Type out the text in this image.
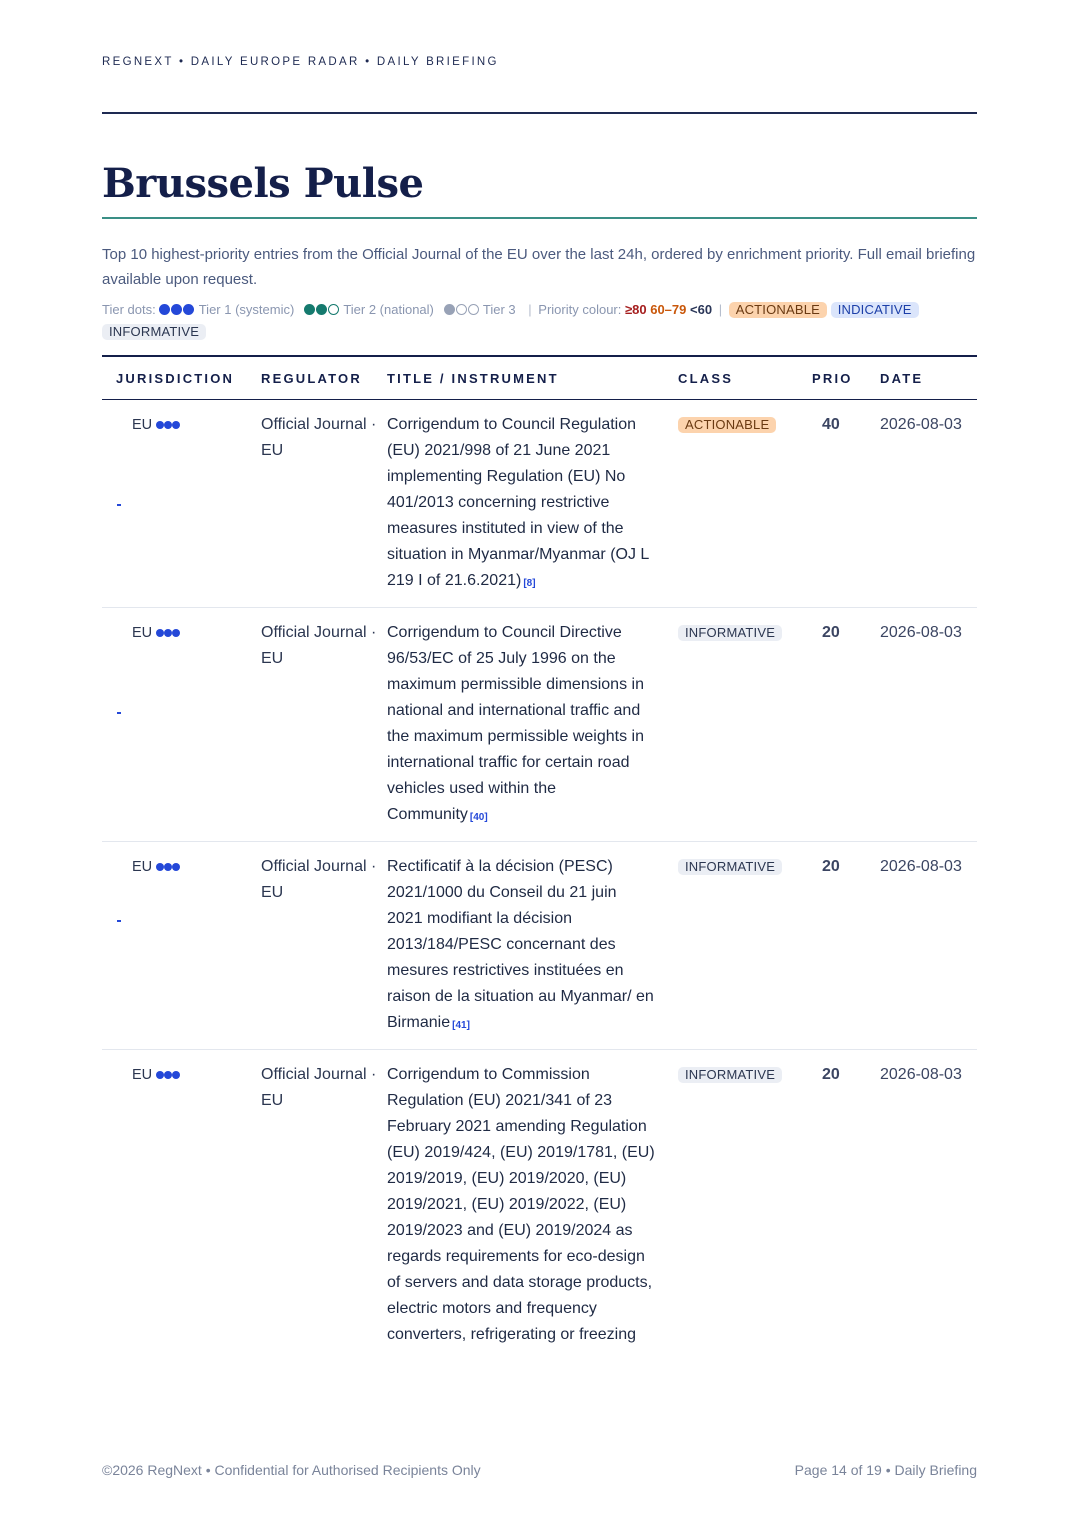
REGNEXT • DAILY EUROPE RADAR • DAILY BRIEFING
Brussels Pulse
Top 10 highest-priority entries from the Official Journal of the EU over the last 24h, ordered by enrichment priority. Full email briefing available upon request.
Tier dots:	Tier 1 (systemic)	Tier 2 (national)	Tier 3 | Priority colour: ≥80 60–79 <60 | ACTIONABLE INDICATIVE INFORMATIVE
JURISDICTION	REGULATOR	TITLE / INSTRUMENT	CLASS	PRIO	DATE
EU	Official Journal · EU	Corrigendum to Council Regulation (EU) 2021/998 of 21 June 2021 implementing Regulation (EU) No 401/2013 concerning restrictive measures instituted in view of the situation in Myanmar/Myanmar (OJ L 219 I of 21.6.2021) [8]	ACTIONABLE	40	2026-08-03
EU	Official Journal · EU	Corrigendum to Council Directive 96/53/EC of 25 July 1996 on the maximum permissible dimensions in national and international traffic and the maximum permissible weights in international traffic for certain road vehicles used within the Community [40]	INFORMATIVE	20	2026-08-03
EU	Official Journal · EU	Rectificatif à la décision (PESC) 2021/1000 du Conseil du 21 juin 2021 modifiant la décision 2013/184/PESC concernant des mesures restrictives instituées en raison de la situation au Myanmar/ en Birmanie [41]	INFORMATIVE	20	2026-08-03
EU	Official Journal · EU	Corrigendum to Commission Regulation (EU) 2021/341 of 23 February 2021 amending Regulation (EU) 2019/424, (EU) 2019/1781, (EU) 2019/2019, (EU) 2019/2020, (EU) 2019/2021, (EU) 2019/2022, (EU) 2019/2023 and (EU) 2019/2024 as regards requirements for eco-design of servers and data storage products, electric motors and frequency converters, refrigerating or freezing	INFORMATIVE	20	2026-08-03
©2026 RegNext • Confidential for Authorised Recipients Only	Page 14 of 19 • Daily Briefing
